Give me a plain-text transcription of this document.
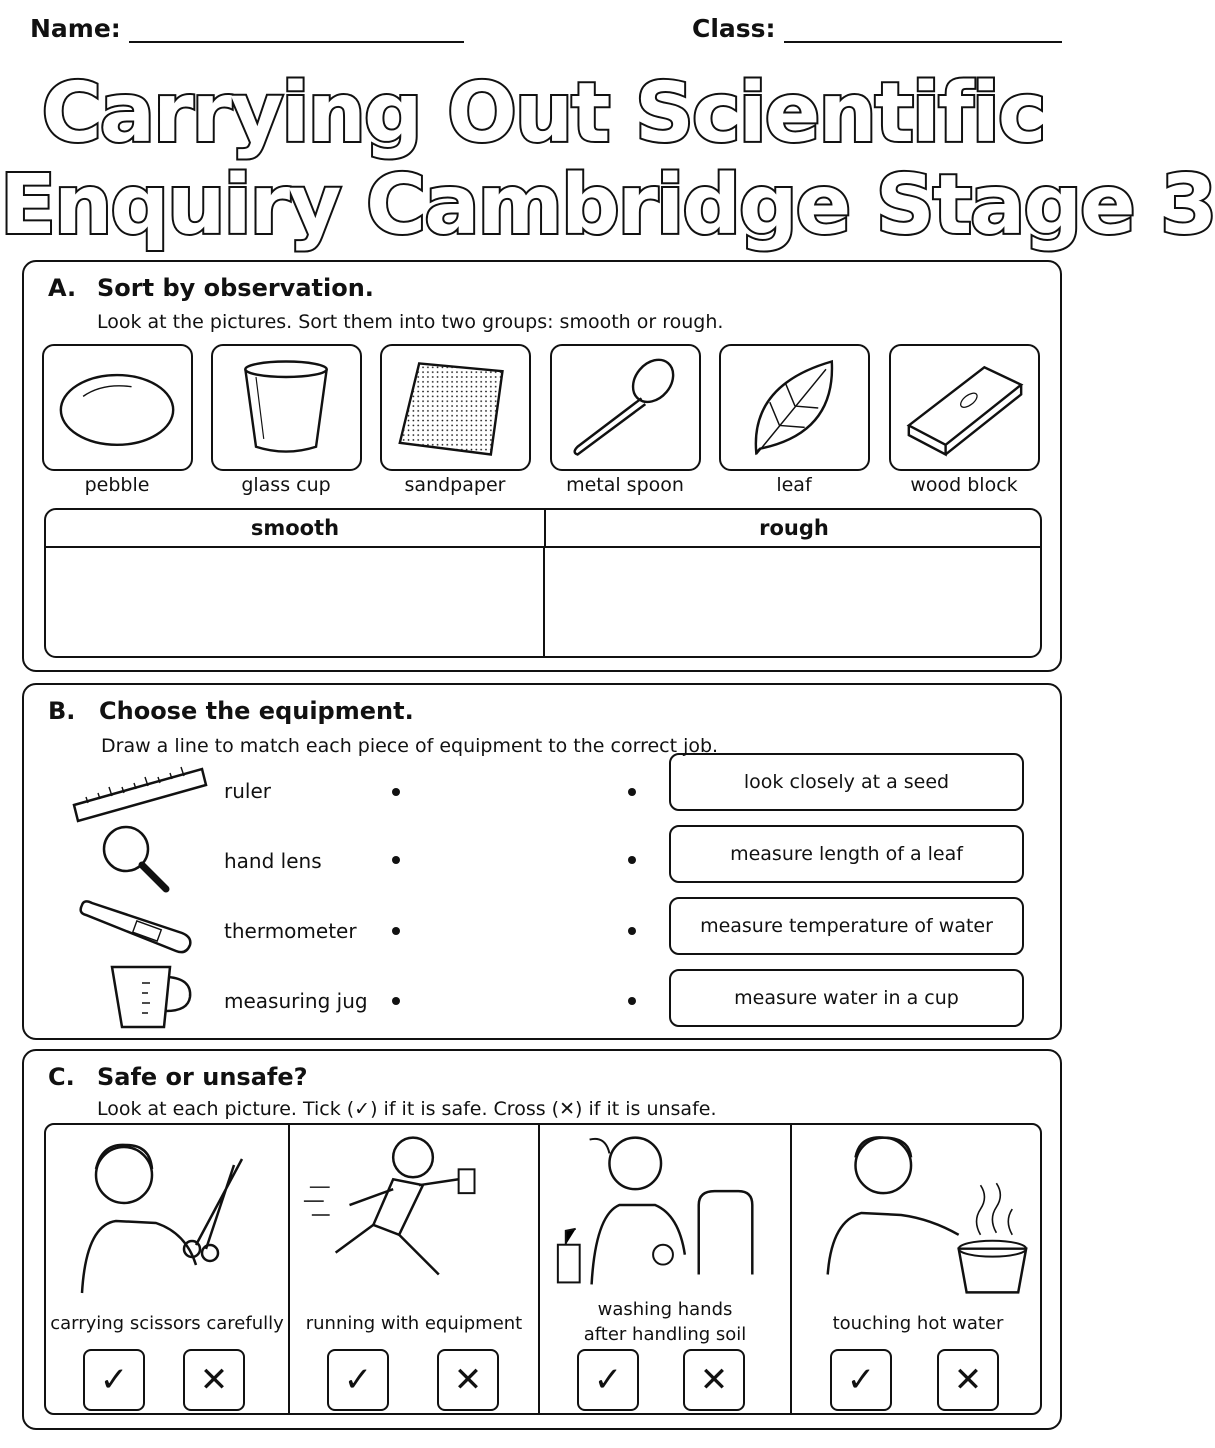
Name:	Class:
Carrying Out Scientific
Enquiry Cambridge Stage 3
A. Sort by observation.
Look at the pictures. Sort them into two groups: smooth or rough.
pebble	glass cup	sandpaper	metal spoon	leaf	wood block
smooth	rough
B. Choose the equipment.
Draw a line to match each piece of equipment to the correct job.
ruler
hand lens
thermometer
measuring jug
look closely at a seed
measure length of a leaf
measure temperature of water
measure water in a cup
C. Safe or unsafe?
Look at each picture. Tick (✓) if it is safe. Cross (✕) if it is unsafe.
carrying scissors carefully
✓	✕
running with equipment
✓	✕
washing hands after handling soil
✓	✕
touching hot water
✓	✕
